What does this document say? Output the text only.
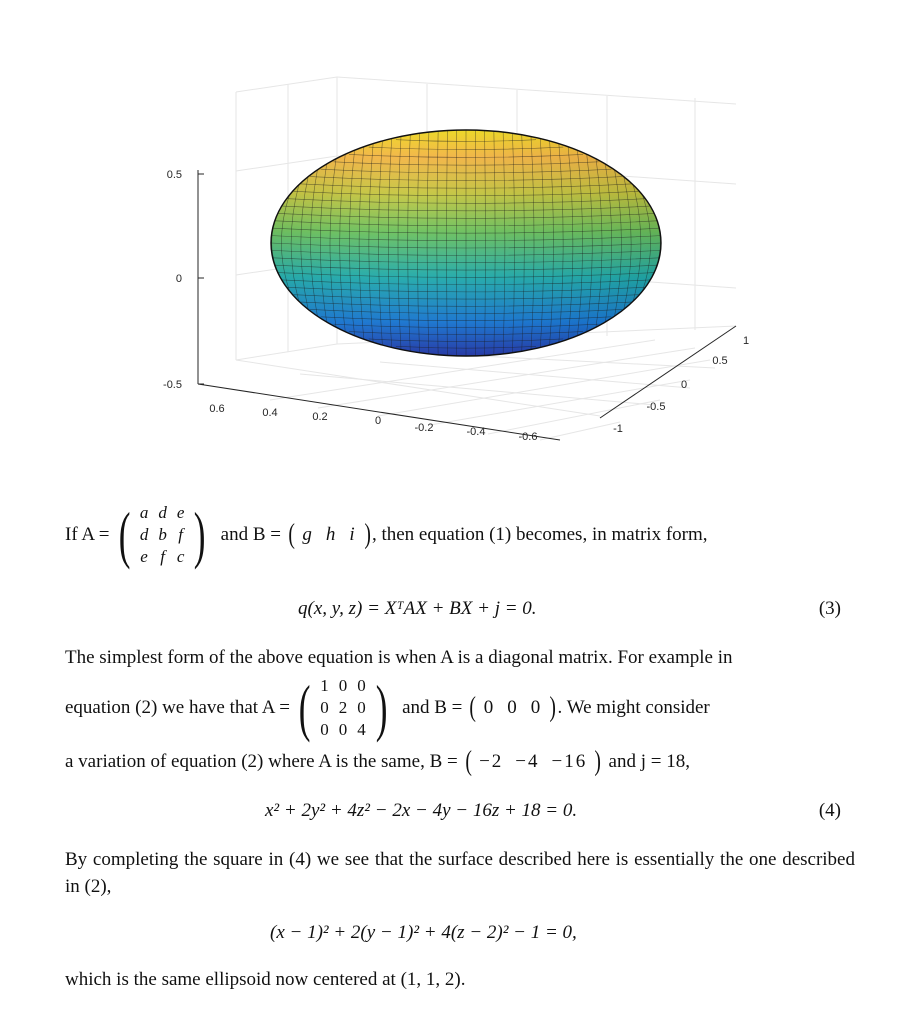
0.5
0
-0.5
0.6	0.4	0.2	0
-0.2	-0.4	-0.6
-1
-0.5
0
0.5
1
If A = ( a	d	e
d	b	f
e	f	c ) and B = ( g h i ) , then equation (1) becomes, in matrix form,
q(x, y, z) = XᵀAX + BX + j = 0.	(3)
The simplest form of the above equation is when A is a diagonal matrix. For example in
equation (2) we have that A = ( 1	0	0
0	2	0
0	0	4 ) and B = ( 0 0 0 ) . We might consider
a variation of equation (2) where A is the same, B = ( −2 −4 −16 ) and j = 18,
x² + 2y² + 4z² − 2x − 4y − 16z + 18 = 0.	(4)
By completing the square in (4) we see that the surface described here is essentially the one described in (2),
(x − 1)² + 2(y − 1)² + 4(z − 2)² − 1 = 0,
which is the same ellipsoid now centered at (1, 1, 2).
